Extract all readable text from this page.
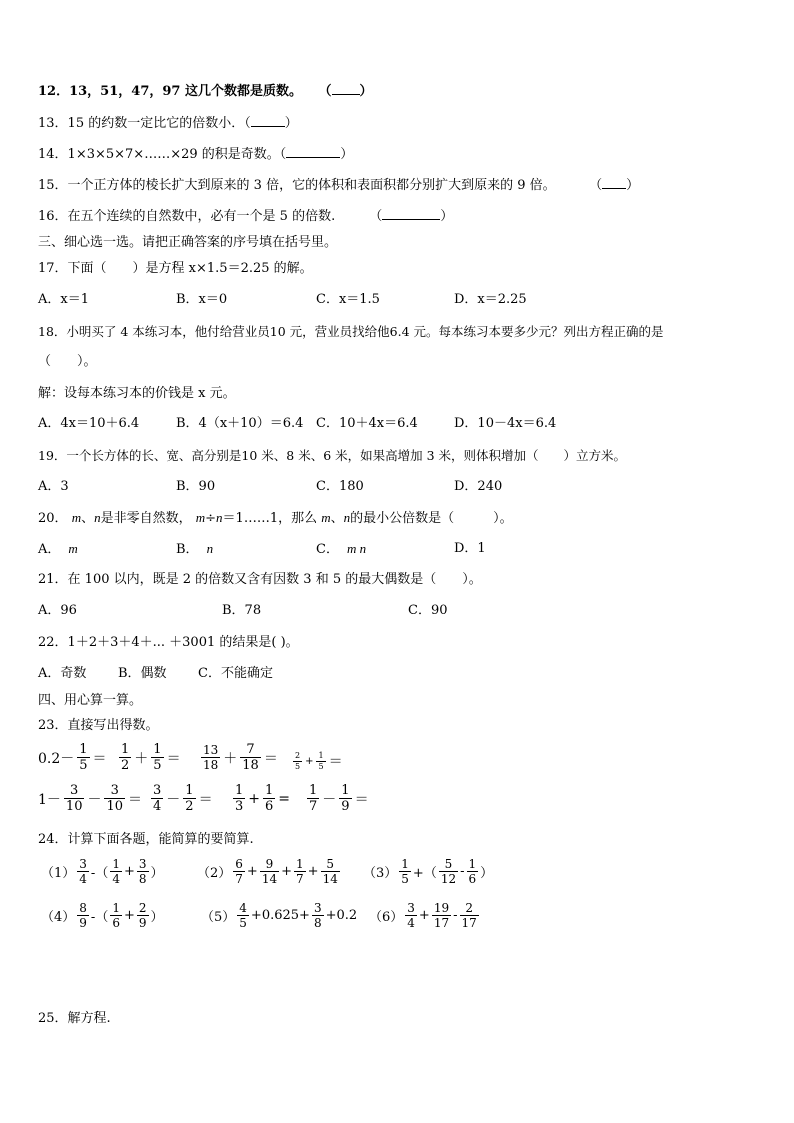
12．13，51，47，97 这几个数都是质数。 （ ）
13．15 的约数一定比它的倍数小．（	）
14．1×3×5×7×……×29 的积是奇数。（	）
15．一个正方体的棱长扩大到原来的 3 倍，它的体积和表面积都分别扩大到原来的 9 倍。	（ ）
16．在五个连续的自然数中，必有一个是 5 的倍数.	（	）
三、细心选一选。请把正确答案的序号填在括号里。
17．下面（　　）是方程 x×1.5＝2.25 的解。
A．x＝1	B．x＝0	C．x＝1.5	D．x＝2.25
18．小明买了 4 本练习本，他付给营业员10 元，营业员找给他6.4 元。每本练习本要多少元？列出方程正确的是
（　　）。
解：设每本练习本的价钱是 x 元。
A．4x＝10＋6.4	B．4（x＋10）＝6.4 C．10＋4x＝6.4	D．10－4x＝6.4
19．一个长方体的长、宽、高分别是10 米、8 米、6 米，如果高增加 3 米，则体积增加（　　）立方米。
A．3	B．90	C．180	D．240
20． m、n是非零自然数， m÷n＝1……1，那么 m、n的最小公倍数是（　　　）。
A． m	B． n	C． m n	D．1
21．在 100 以内，既是 2 的倍数又含有因数 3 和 5 的最大偶数是（　　）。
A．96	B．78	C．90
22．1＋2＋3＋4＋... ＋3001 的结果是( )。
A．奇数 B．偶数 C．不能确定
四、用心算一算。
23．直接写出得数。
$0.2- \frac{1}{5} = \frac{1}{2} + \frac{1}{5} = \frac{13}{18} + \frac{7}{18} = \frac{2}{5} + \frac{1}{5}$ ＝
$1- \frac{3}{10} - \frac{3}{10} = \frac{3}{4} - \frac{1}{2} = \frac{1}{3} + \frac{1}{6} = \frac{1}{7} - \frac{1}{9}$ ＝
24．计算下面各题，能简算的要简算.
$(1) \frac{3}{4}$ -（ $\frac{1}{4} + \frac{3}{8}$ ）	$(2) \frac{6}{7} + \frac{9}{14} + \frac{1}{7} + \frac{5}{14} (3) \frac{1}{5}$ +（ $\frac{5}{12} - \frac{1}{6}$ ）
$(4) \frac{8}{9}$ -（ $\frac{1}{6} + \frac{2}{9}$ ）	$(5) \frac{4}{5} +0.625+ \frac{3}{8} +0.2$ $(6) \frac{3}{4} + \frac{19}{17} - \frac{2}{17}$
25．解方程.
